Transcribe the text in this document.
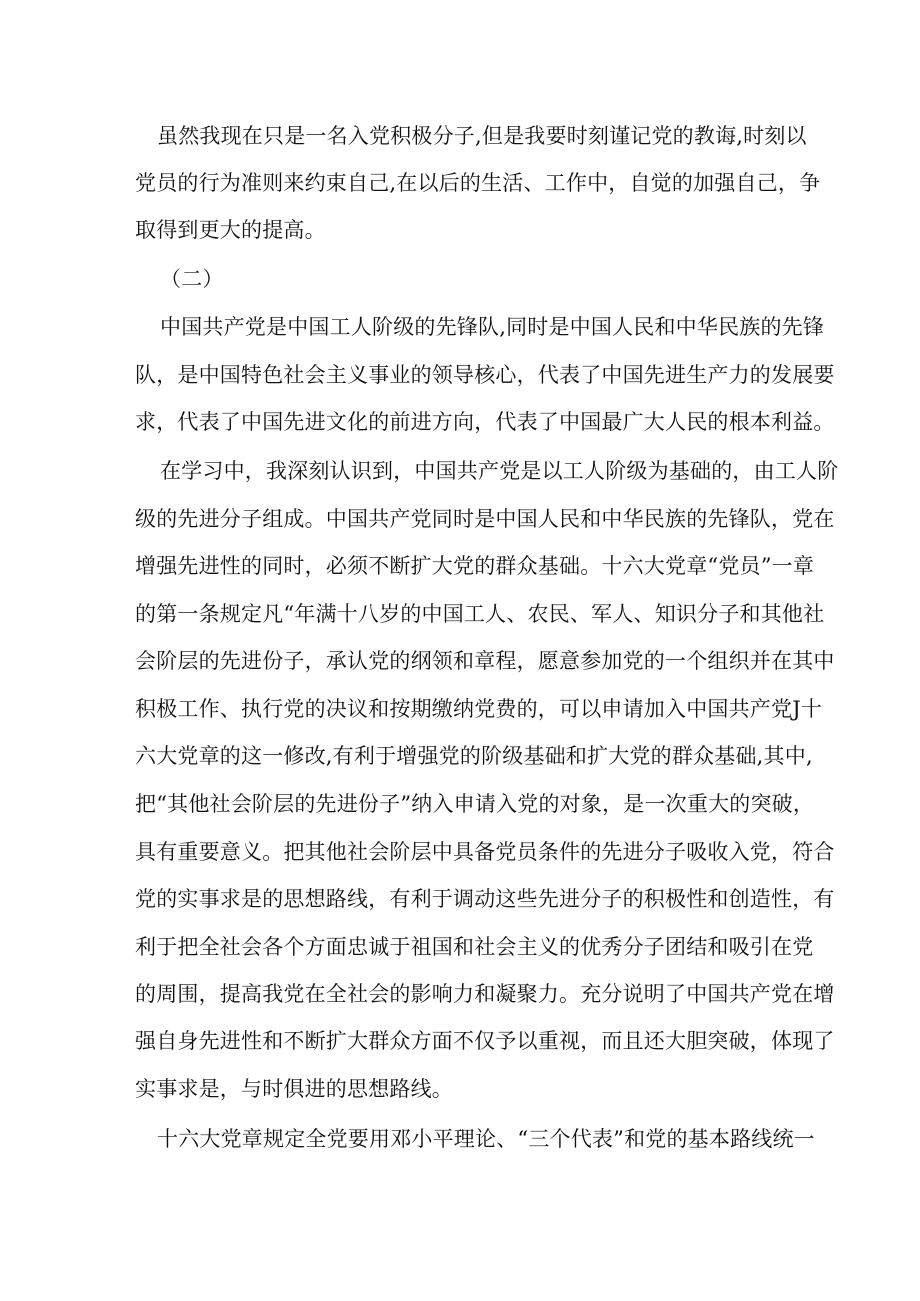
虽然我现在只是一名入党积极分子,但是我要时刻谨记党的教诲,时刻以
党员的行为准则来约束自己,在以后的生活、工作中，自觉的加强自己，争
取得到更大的提高。
（二）
中国共产党是中国工人阶级的先锋队,同时是中国人民和中华民族的先锋
队，是中国特色社会主义事业的领导核心，代表了中国先进生产力的发展要
求，代表了中国先进文化的前进方向，代表了中国最广大人民的根本利益。
在学习中，我深刻认识到，中国共产党是以工人阶级为基础的，由工人阶
级的先进分子组成。中国共产党同时是中国人民和中华民族的先锋队，党在
增强先进性的同时，必须不断扩大党的群众基础。十六大党章“党员”一章
的第一条规定凡“年满十八岁的中国工人、农民、军人、知识分子和其他社
会阶层的先进份子，承认党的纲领和章程，愿意参加党的一个组织并在其中
积极工作、执行党的决议和按期缴纳党费的，可以申请加入中国共产党J十
六大党章的这一修改,有利于增强党的阶级基础和扩大党的群众基础,其中,
把“其他社会阶层的先进份子”纳入申请入党的对象，是一次重大的突破，
具有重要意义。把其他社会阶层中具备党员条件的先进分子吸收入党，符合
党的实事求是的思想路线，有利于调动这些先进分子的积极性和创造性，有
利于把全社会各个方面忠诚于祖国和社会主义的优秀分子团结和吸引在党
的周围，提高我党在全社会的影响力和凝聚力。充分说明了中国共产党在增
强自身先进性和不断扩大群众方面不仅予以重视，而且还大胆突破，体现了
实事求是，与时俱进的思想路线。
十六大党章规定全党要用邓小平理论、“三个代表”和党的基本路线统一
